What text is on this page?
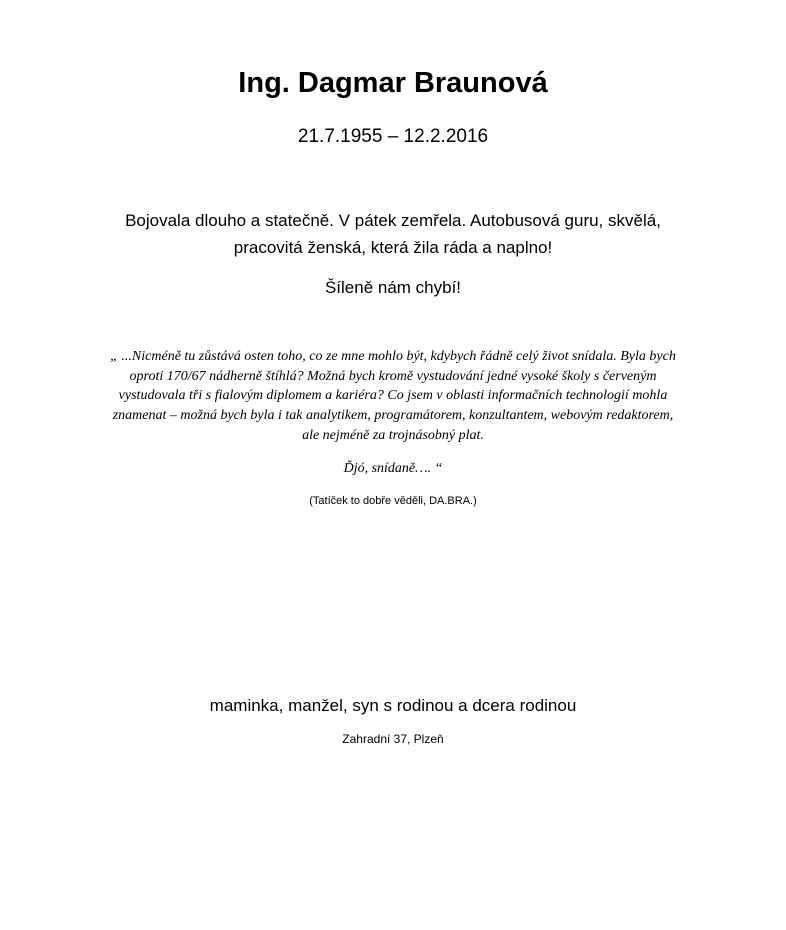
Ing. Dagmar Braunová

21.7.1955 – 12.2.2016

Bojovala dlouho a statečně. V pátek zemřela. Autobusová guru, skvělá,

pracovitá ženská, která žila ráda a naplno!

Šíleně nám chybí!

„ ...Nicméně tu zůstává osten toho, co ze mne mohlo být, kdybych řádně celý život snídala. Byla bych

oproti 170/67 nádherně štíhlá? Možná bych kromě vystudování jedné vysoké školy s červeným

vystudovala tři s fialovým diplomem a kariéra? Co jsem v oblasti informačních technologií mohla

znamenat – možná bych byla i tak analytikem, programátorem, konzultantem, webovým redaktorem,

ale nejméně za trojnásobný plat.

Ďjó, snídaně…. “

(Tatíček to dobře věděli, DA.BRA.)

maminka, manžel, syn s rodinou a dcera rodinou

Zahradní 37, Plzeň
